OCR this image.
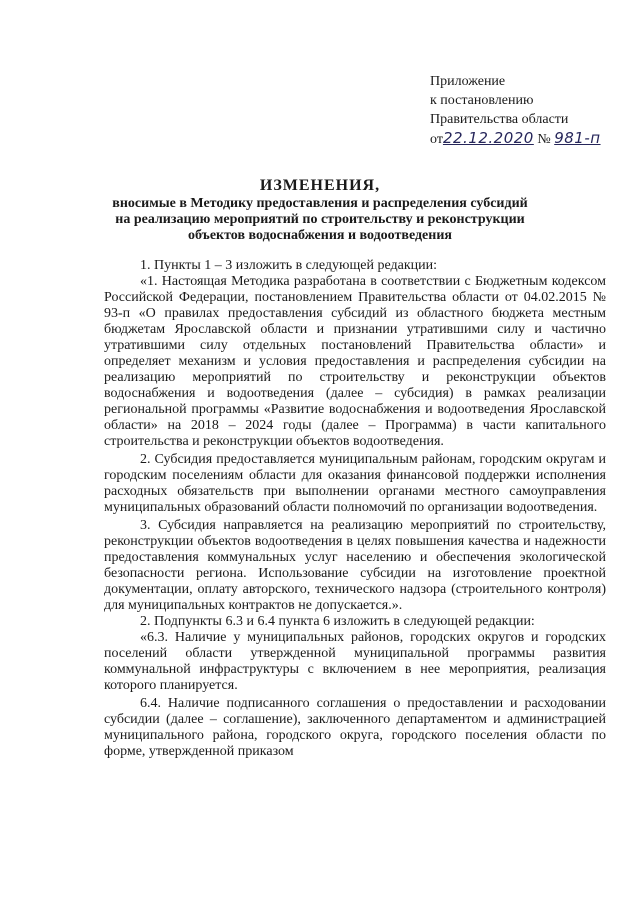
Приложение
к постановлению
Правительства области
от22.12.2020 № 981-п
ИЗМЕНЕНИЯ,
вносимые в Методику предоставления и распределения субсидий
на реализацию мероприятий по строительству и реконструкции
объектов водоснабжения и водоотведения

1. Пункты 1 – 3 изложить в следующей редакции:

«1. Настоящая Методика разработана в соответствии с Бюджетным кодексом Российской Федерации, постановлением Правительства области от 04.02.2015 № 93-п «О правилах предоставления субсидий из областного бюджета местным бюджетам Ярославской области и признании утратившими силу и частично утратившими силу отдельных постановлений Правительства области» и определяет механизм и условия предоставления и распределения субсидии на реализацию мероприятий по строительству и реконструкции объектов водоснабжения и водоотведения (далее – субсидия) в рамках реализации региональной программы «Развитие водоснабжения и водоотведения Ярославской области» на 2018 – 2024 годы (далее – Программа) в части капитального строительства и реконструкции объектов водоотведения.

2. Субсидия предоставляется муниципальным районам, городским округам и городским поселениям области для оказания финансовой поддержки исполнения расходных обязательств при выполнении органами местного самоуправления муниципальных образований области полномочий по организации водоотведения.

3. Субсидия направляется на реализацию мероприятий по строительству, реконструкции объектов водоотведения в целях повышения качества и надежности предоставления коммунальных услуг населению и обеспечения экологической безопасности региона. Использование субсидии на изготовление проектной документации, оплату авторского, технического надзора (строительного контроля) для муниципальных контрактов не допускается.».

2. Подпункты 6.3 и 6.4 пункта 6 изложить в следующей редакции:

«6.3. Наличие у муниципальных районов, городских округов и городских поселений области утвержденной муниципальной программы развития коммунальной инфраструктуры с включением в нее мероприятия, реализация которого планируется.

6.4. Наличие подписанного соглашения о предоставлении и расходовании субсидии (далее – соглашение), заключенного департаментом и администрацией муниципального района, городского округа, городского поселения области по форме, утвержденной приказом
